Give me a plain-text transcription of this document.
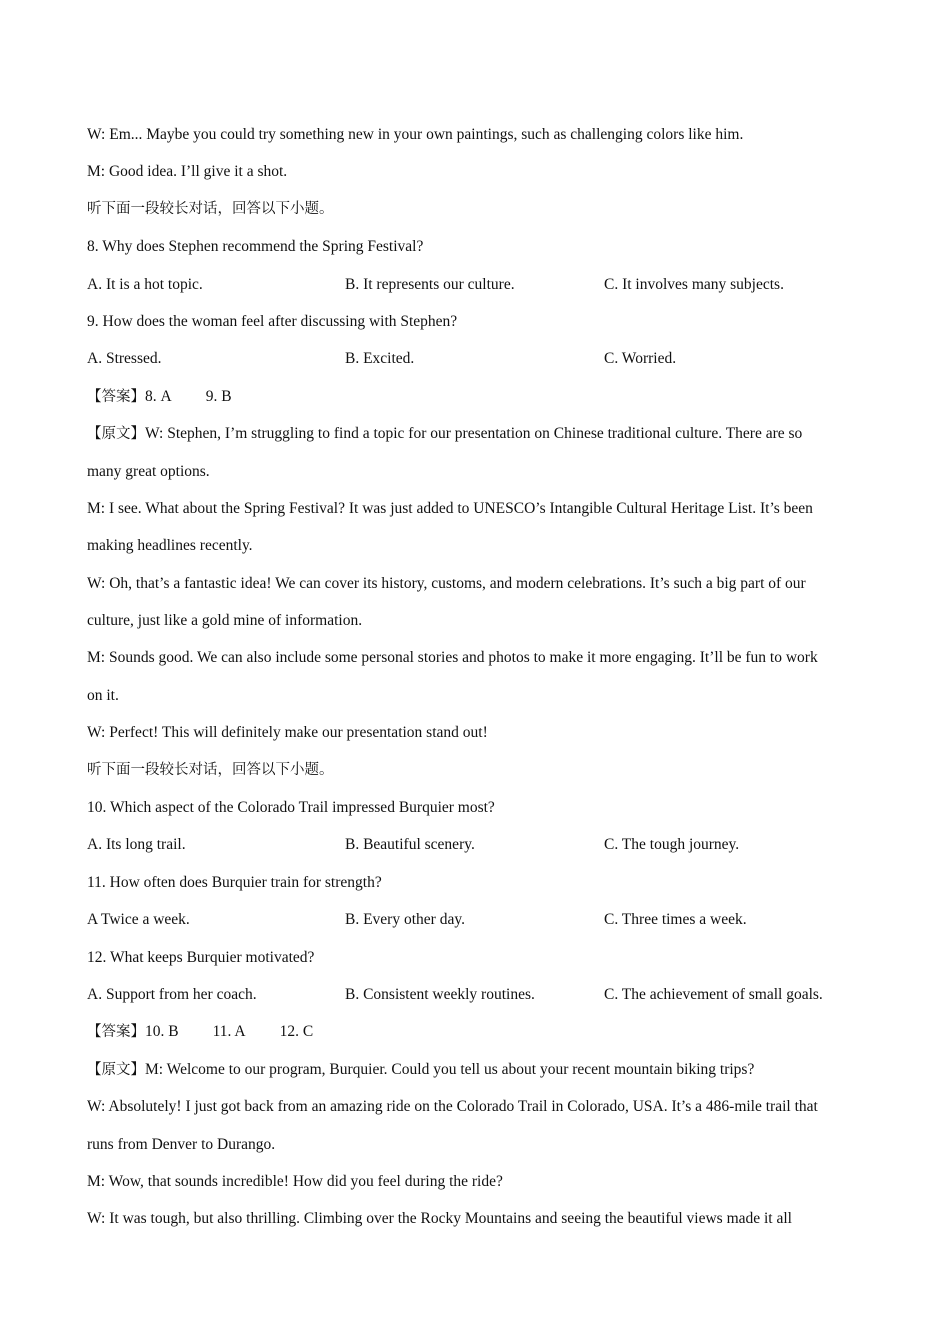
W: Em... Maybe you could try something new in your own paintings, such as challenging colors like him.
M: Good idea. I’ll give it a shot.
听下面一段较长对话，回答以下小题。
8. Why does Stephen recommend the Spring Festival?
A. It is a hot topic.	B. It represents our culture.	C. It involves many subjects.
9. How does the woman feel after discussing with Stephen?
A. Stressed.	B. Excited.	C. Worried.
【答案】8. A 9. B
【原文】W: Stephen, I’m struggling to find a topic for our presentation on Chinese traditional culture. There are so
many great options.
M: I see. What about the Spring Festival? It was just added to UNESCO’s Intangible Cultural Heritage List. It’s been
making headlines recently.
W: Oh, that’s a fantastic idea! We can cover its history, customs, and modern celebrations. It’s such a big part of our
culture, just like a gold mine of information.
M: Sounds good. We can also include some personal stories and photos to make it more engaging. It’ll be fun to work
on it.
W: Perfect! This will definitely make our presentation stand out!
听下面一段较长对话，回答以下小题。
10. Which aspect of the Colorado Trail impressed Burquier most?
A. Its long trail.	B. Beautiful scenery.	C. The tough journey.
11. How often does Burquier train for strength?
A Twice a week.	B. Every other day.	C. Three times a week.
12. What keeps Burquier motivated?
A. Support from her coach.	B. Consistent weekly routines.	C. The achievement of small goals.
【答案】10. B 11. A 12. C
【原文】M: Welcome to our program, Burquier. Could you tell us about your recent mountain biking trips?
W: Absolutely! I just got back from an amazing ride on the Colorado Trail in Colorado, USA. It’s a 486-mile trail that
runs from Denver to Durango.
M: Wow, that sounds incredible! How did you feel during the ride?
W: It was tough, but also thrilling. Climbing over the Rocky Mountains and seeing the beautiful views made it all
